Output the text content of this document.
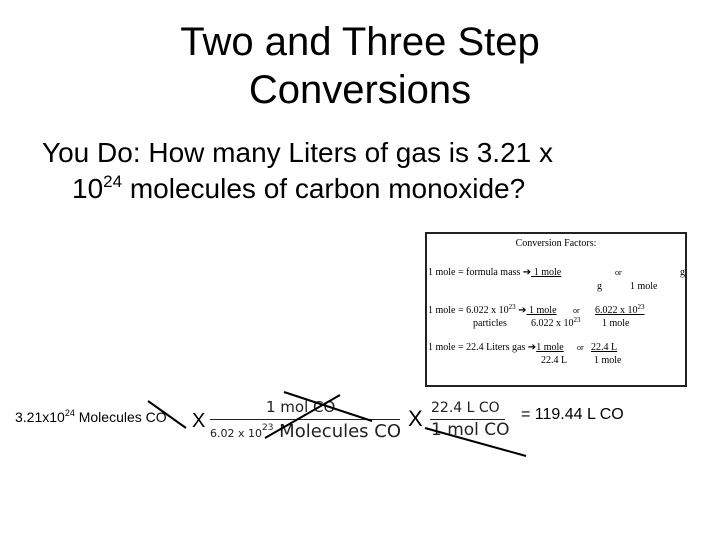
Two and Three Step
Conversions
You Do: How many Liters of gas is 3.21 x
$10^{24}$ molecules of carbon monoxide?
Conversion Factors:
1 mole = formula mass ➔ 1 mole	or	g
g	1 mole
1 mole = 6.022 x $10^{23}$ ➔ 1 mole or 6.022 x $10^{23}$
particles 6.022 x $10^{23}$ 1 mole
1 mole = 22.4 Liters gas ➔1 mole or 22.4 L
22.4 L	1 mole
$3.21x10^{24}$ Molecules CO X
1 mol CO
6.02 x $10^{23}$ Molecules CO
X 22.4 L CO
1 mol CO
= 119.44 L CO
